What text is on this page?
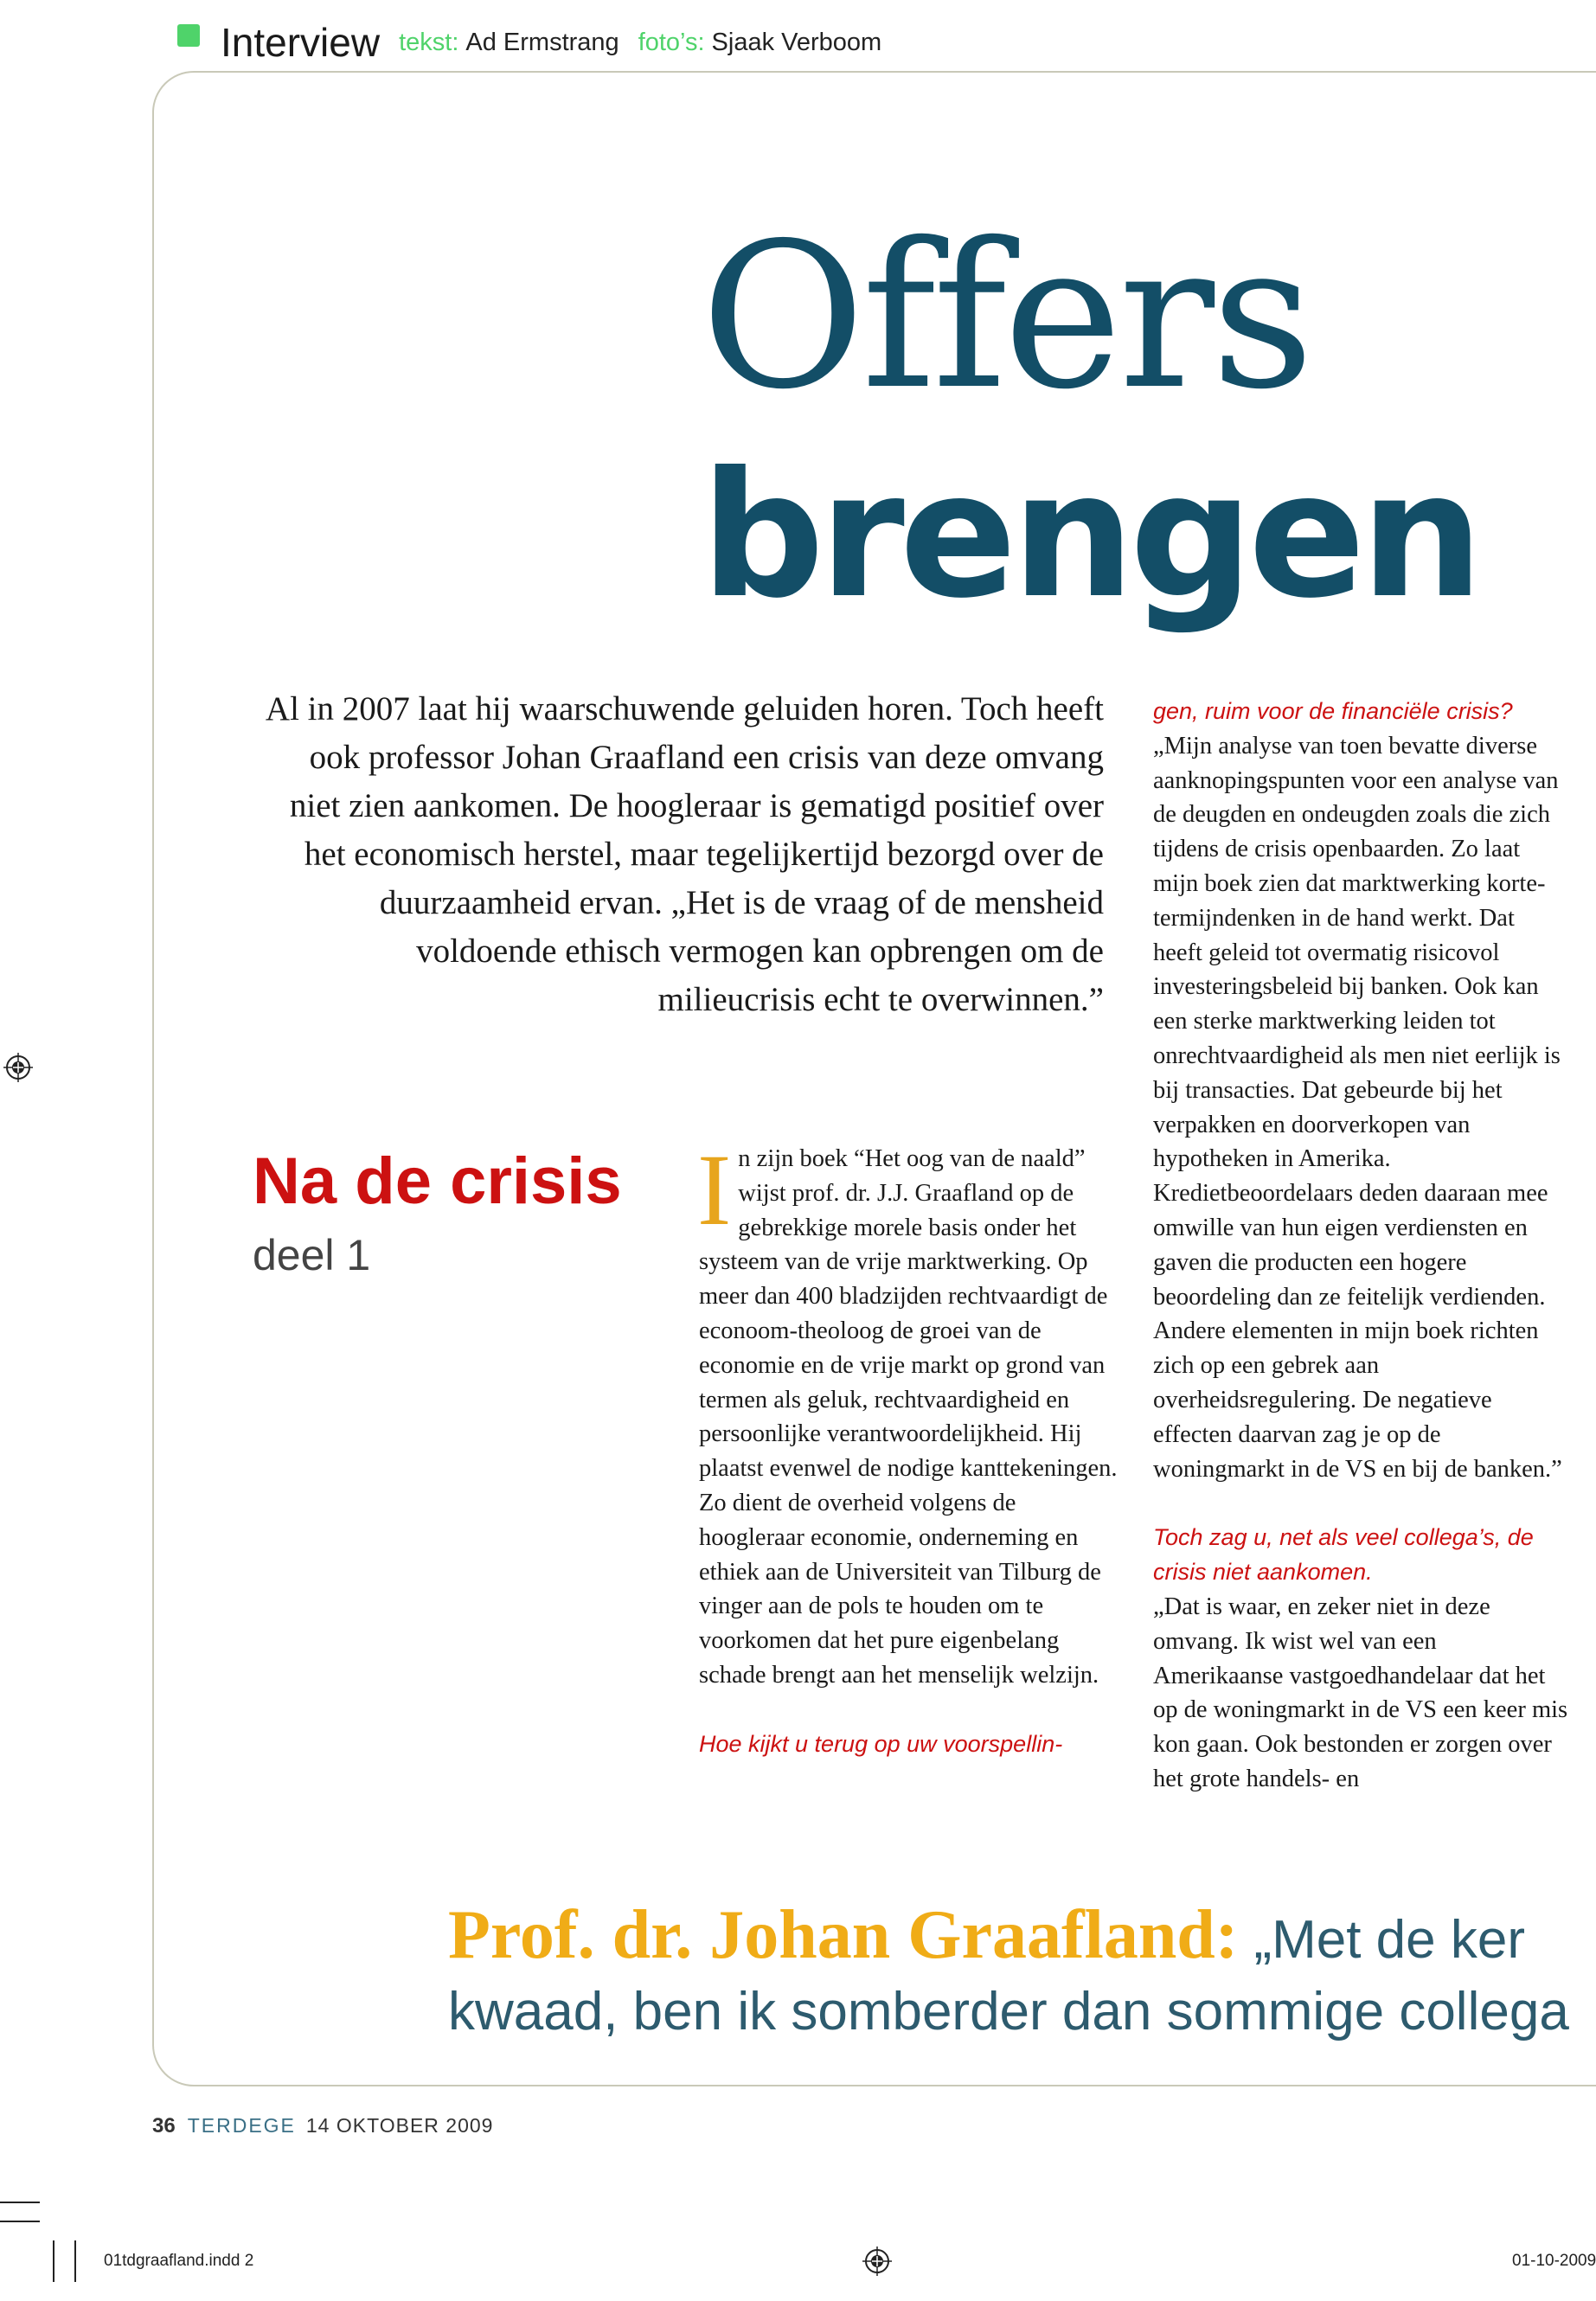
Interview tekst: Ad Ermstrang foto’s: Sjaak Verboom
Offers
brengen
Al in 2007 laat hij waarschuwende geluiden horen. Toch heeft ook professor Johan Graafland een crisis van deze omvang niet zien aankomen. De hoogleraar is gematigd positief over het economisch herstel, maar tegelijkertijd bezorgd over de duurzaamheid ervan. „Het is de vraag of de mensheid voldoende ethisch vermogen kan opbrengen om de milieucrisis echt te overwinnen.”
Na de crisis
deel 1

In zijn boek “Het oog van de naald” wijst prof. dr. J.J. Graafland op de gebrekkige morele basis onder het systeem van de vrije marktwerking. Op meer dan 400 bladzijden rechtvaardigt de econoom-theoloog de groei van de economie en de vrije markt op grond van termen als geluk, rechtvaardigheid en persoonlijke verantwoordelijkheid. Hij plaatst evenwel de nodige kanttekeningen. Zo dient de overheid volgens de hoogleraar economie, onderneming en ethiek aan de Universiteit van Tilburg de vinger aan de pols te houden om te voorkomen dat het pure eigenbelang schade brengt aan het menselijk welzijn.

Hoe kijkt u terug op uw voorspellin-

gen, ruim voor de financiële crisis?

„Mijn analyse van toen bevatte diverse aanknopingspunten voor een analyse van de deugden en ondeugden zoals die zich tijdens de crisis openbaarden. Zo laat mijn boek zien dat marktwerking korte-termijndenken in de hand werkt. Dat heeft geleid tot overmatig risicovol investeringsbeleid bij banken. Ook kan een sterke marktwerking leiden tot onrechtvaardigheid als men niet eerlijk is bij transacties. Dat gebeurde bij het verpakken en doorverkopen van hypotheken in Amerika. Kredietbeoordelaars deden daaraan mee omwille van hun eigen verdiensten en gaven die producten een hogere beoordeling dan ze feitelijk verdienden. Andere elementen in mijn boek richten zich op een gebrek aan overheidsregulering. De negatieve effecten daarvan zag je op de woningmarkt in de VS en bij de banken.”

Toch zag u, net als veel collega’s, de crisis niet aankomen.

„Dat is waar, en zeker niet in deze omvang. Ik wist wel van een Amerikaanse vastgoedhandelaar dat het op de woningmarkt in de VS een keer mis kon gaan. Ook bestonden er zorgen over het grote handels- en

Prof. dr. Johan Graafland: „Met de ker
kwaad, ben ik somberder dan sommige collega
36 TERDEGE 14 OKTOBER 2009
01tdgraafland.indd 2	01-10-2009
